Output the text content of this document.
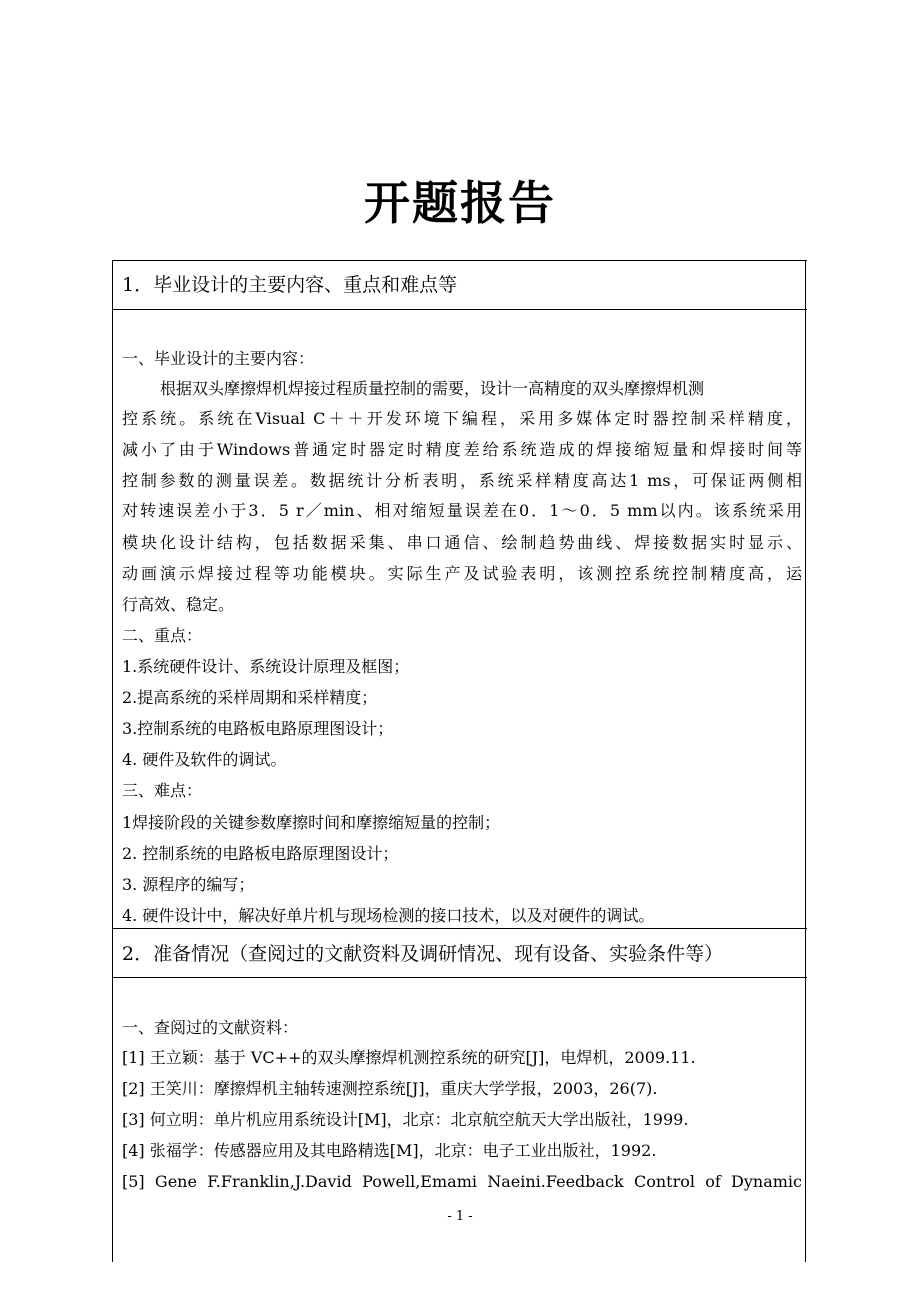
开题报告
1．毕业设计的主要内容、重点和难点等
一、毕业设计的主要内容：
根据双头摩擦焊机焊接过程质量控制的需要，设计一高精度的双头摩擦焊机测
控系统。系统在Visual C＋＋开发环境下编程，采用多媒体定时器控制采样精度，
减小了由于Windows普通定时器定时精度差给系统造成的焊接缩短量和焊接时间等
控制参数的测量误差。数据统计分析表明，系统采样精度高达1 ms，可保证两侧相
对转速误差小于3．5 r／min、相对缩短量误差在0．1～0．5 mm以内。该系统采用
模块化设计结构，包括数据采集、串口通信、绘制趋势曲线、焊接数据实时显示、
动画演示焊接过程等功能模块。实际生产及试验表明，该测控系统控制精度高，运
行高效、稳定。
二、重点：
1.系统硬件设计、系统设计原理及框图；
2.提高系统的采样周期和采样精度；
3.控制系统的电路板电路原理图设计；
4. 硬件及软件的调试。
三、难点：
1焊接阶段的关键参数摩擦时间和摩擦缩短量的控制；
2. 控制系统的电路板电路原理图设计；
3. 源程序的编写；
4. 硬件设计中，解决好单片机与现场检测的接口技术，以及对硬件的调试。
2．准备情况（查阅过的文献资料及调研情况、现有设备、实验条件等）
一、查阅过的文献资料：
[1] 王立颖：基于 VC++的双头摩擦焊机测控系统的研究[J]，电焊机，2009.11.
[2] 王笑川：摩擦焊机主轴转速测控系统[J]，重庆大学学报，2003，26(7).
[3] 何立明：单片机应用系统设计[M]，北京：北京航空航天大学出版社，1999.
[4] 张福学：传感器应用及其电路精选[M]，北京：电子工业出版社，1992.
[5] Gene F.Franklin,J.David Powell,Emami Naeini.Feedback Control of Dynamic
- 1 -
